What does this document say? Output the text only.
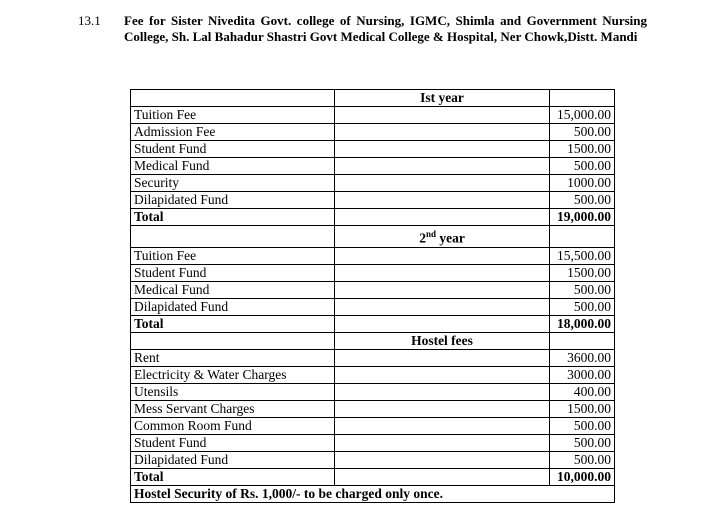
13.1 Fee for Sister Nivedita Govt. college of Nursing, IGMC, Shimla and Government Nursing College, Sh. Lal Bahadur Shastri Govt Medical College & Hospital, Ner Chowk,Distt. Mandi
	Ist year	
Tuition Fee		15,000.00
Admission Fee		500.00
Student Fund		1500.00
Medical Fund		500.00
Security		1000.00
Dilapidated Fund		500.00
Total		19,000.00
	2nd year	
Tuition Fee		15,500.00
Student Fund		1500.00
Medical Fund		500.00
Dilapidated Fund		500.00
Total		18,000.00
	Hostel fees	
Rent		3600.00
Electricity & Water Charges		3000.00
Utensils		400.00
Mess Servant Charges		1500.00
Common Room Fund		500.00
Student Fund		500.00
Dilapidated Fund		500.00
Total		10,000.00
Hostel Security of Rs. 1,000/- to be charged only once.		
